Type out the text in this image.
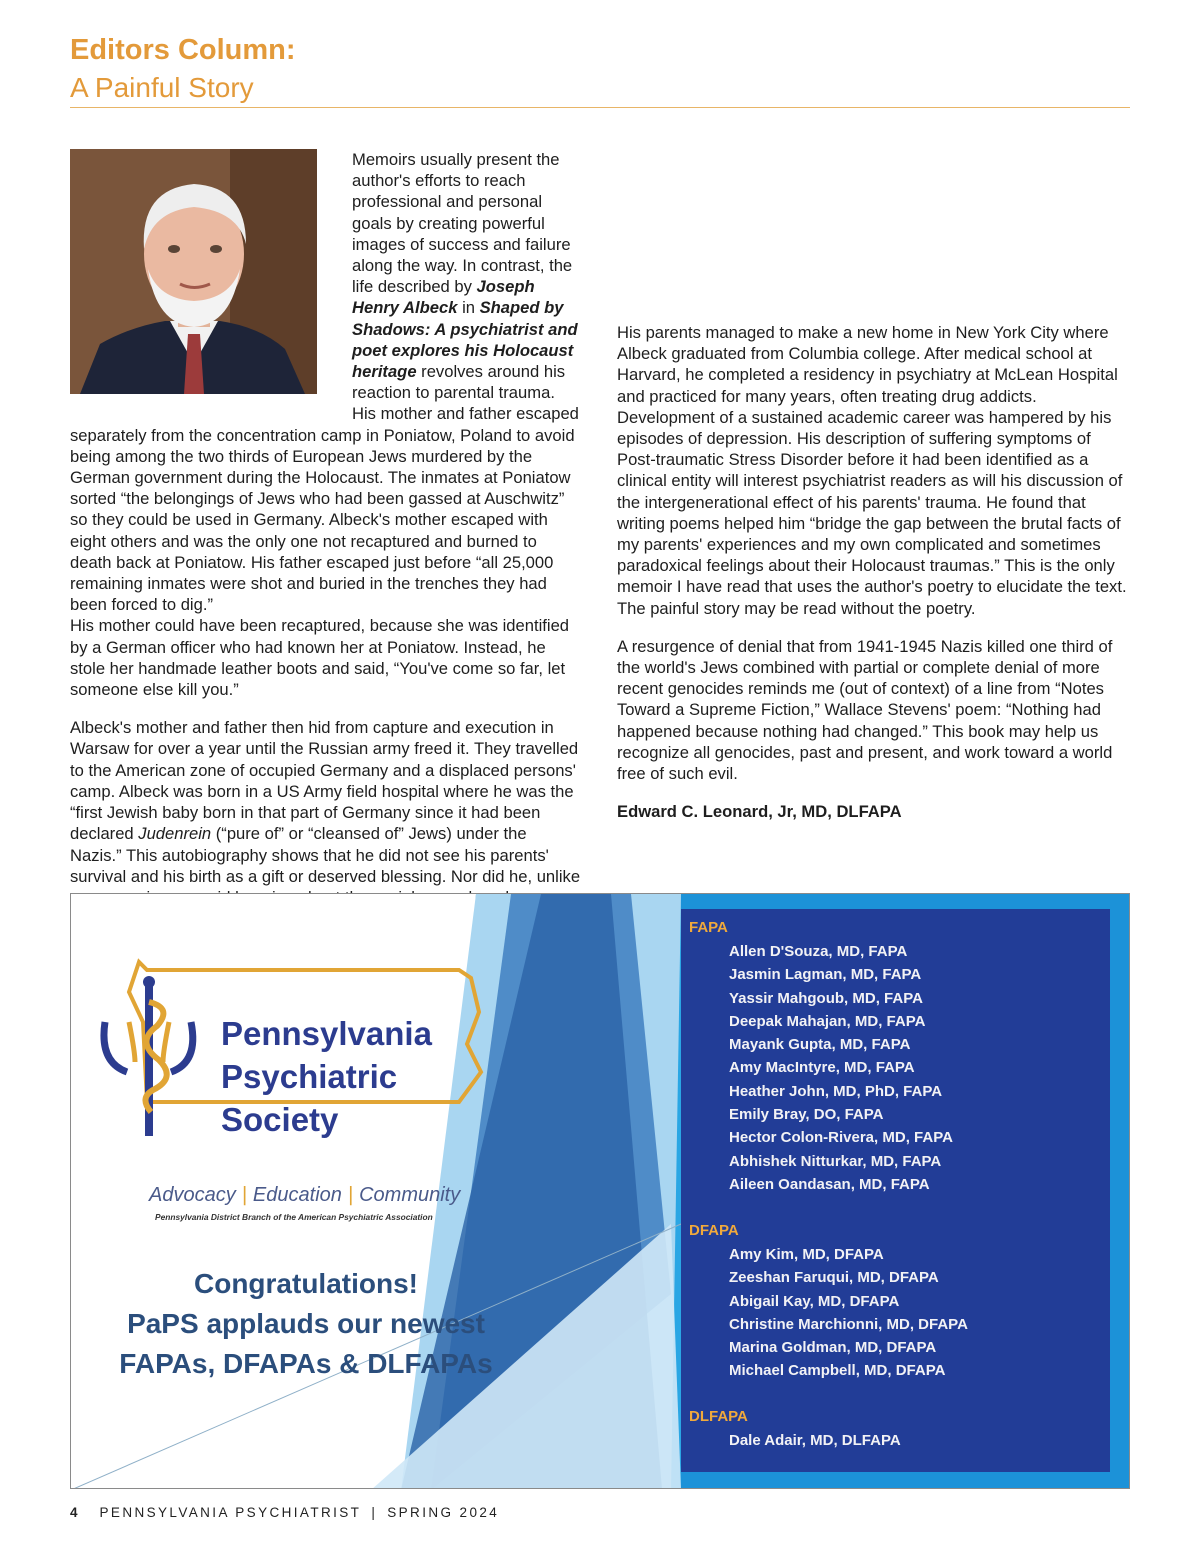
Editors Column:
A Painful Story

Memoirs usually present the author's efforts to reach professional and personal goals by creating powerful images of success and failure along the way. In contrast, the life described by Joseph Henry Albeck in Shaped by Shadows: A psychiatrist and poet explores his Holocaust heritage revolves around his reaction to parental trauma. His mother and father escaped separately from the concentration camp in Poniatow, Poland to avoid being among the two thirds of European Jews murdered by the German government during the Holocaust. The inmates at Poniatow sorted “the belongings of Jews who had been gassed at Auschwitz” so they could be used in Germany. Albeck's mother escaped with eight others and was the only one not recaptured and burned to death back at Poniatow. His father escaped just before “all 25,000 remaining inmates were shot and buried in the trenches they had been forced to dig.”
His mother could have been recaptured, because she was identified by a German officer who had known her at Poniatow. Instead, he stole her handmade leather boots and said, “You've come so far, let someone else kill you.”

Albeck's mother and father then hid from capture and execution in Warsaw for over a year until the Russian army freed it. They travelled to the American zone of occupied Germany and a displaced persons' camp. Albeck was born in a US Army field hospital where he was the “first Jewish baby born in that part of Germany since it had been declared Judenrein (“pure of” or “cleansed of” Jews) under the Nazis.” This autobiography shows that he did not see his parents' survival and his birth as a gift or deserved blessing. Nor did he, unlike

His parents managed to make a new home in New York City where Albeck graduated from Columbia college. After medical school at Harvard, he completed a residency in psychiatry at McLean Hospital and practiced for many years, often treating drug addicts. Development of a sustained academic career was hampered by his episodes of depression. His description of suffering symptoms of Post-traumatic Stress Disorder before it had been identified as a clinical entity will interest psychiatrist readers as will his discussion of the intergenerational effect of his parents' trauma. He found that writing poems helped him “bridge the gap between the brutal facts of my parents' experiences and my own complicated and sometimes paradoxical feelings about their Holocaust traumas.” This is the only memoir I have read that uses the author's poetry to elucidate the text. The painful story may be read without the poetry.

A resurgence of denial that from 1941-1945 Nazis killed one third of the world's Jews combined with partial or complete denial of more recent genocides reminds me (out of context) of a line from “Notes Toward a Supreme Fiction,” Wallace Stevens' poem: “Nothing had happened because nothing had changed.” This book may help us recognize all genocides, past and present, and work toward a world free of such evil.

Edward C. Leonard, Jr, MD, DLFAPA

Pennsylvania
Psychiatric
Society
Advocacy | Education | Community
Pennsylvania District Branch of the American Psychiatric Association
Congratulations!
PaPS applauds our newest
FAPAs, DFAPAs & DLFAPAs
FAPA
Allen D'Souza, MD, FAPA
Jasmin Lagman, MD, FAPA
Yassir Mahgoub, MD, FAPA
Deepak Mahajan, MD, FAPA
Mayank Gupta, MD, FAPA
Amy MacIntyre, MD, FAPA
Heather John, MD, PhD, FAPA
Emily Bray, DO, FAPA
Hector Colon-Rivera, MD, FAPA
Abhishek Nitturkar, MD, FAPA
Aileen Oandasan, MD, FAPA
DFAPA
Amy Kim, MD, DFAPA
Zeeshan Faruqui, MD, DFAPA
Abigail Kay, MD, DFAPA
Christine Marchionni, MD, DFAPA
Marina Goldman, MD, DFAPA
Michael Campbell, MD, DFAPA
DLFAPA
Dale Adair, MD, DLFAPA
4 PENNSYLVANIA PSYCHIATRIST | SPRING 2024
